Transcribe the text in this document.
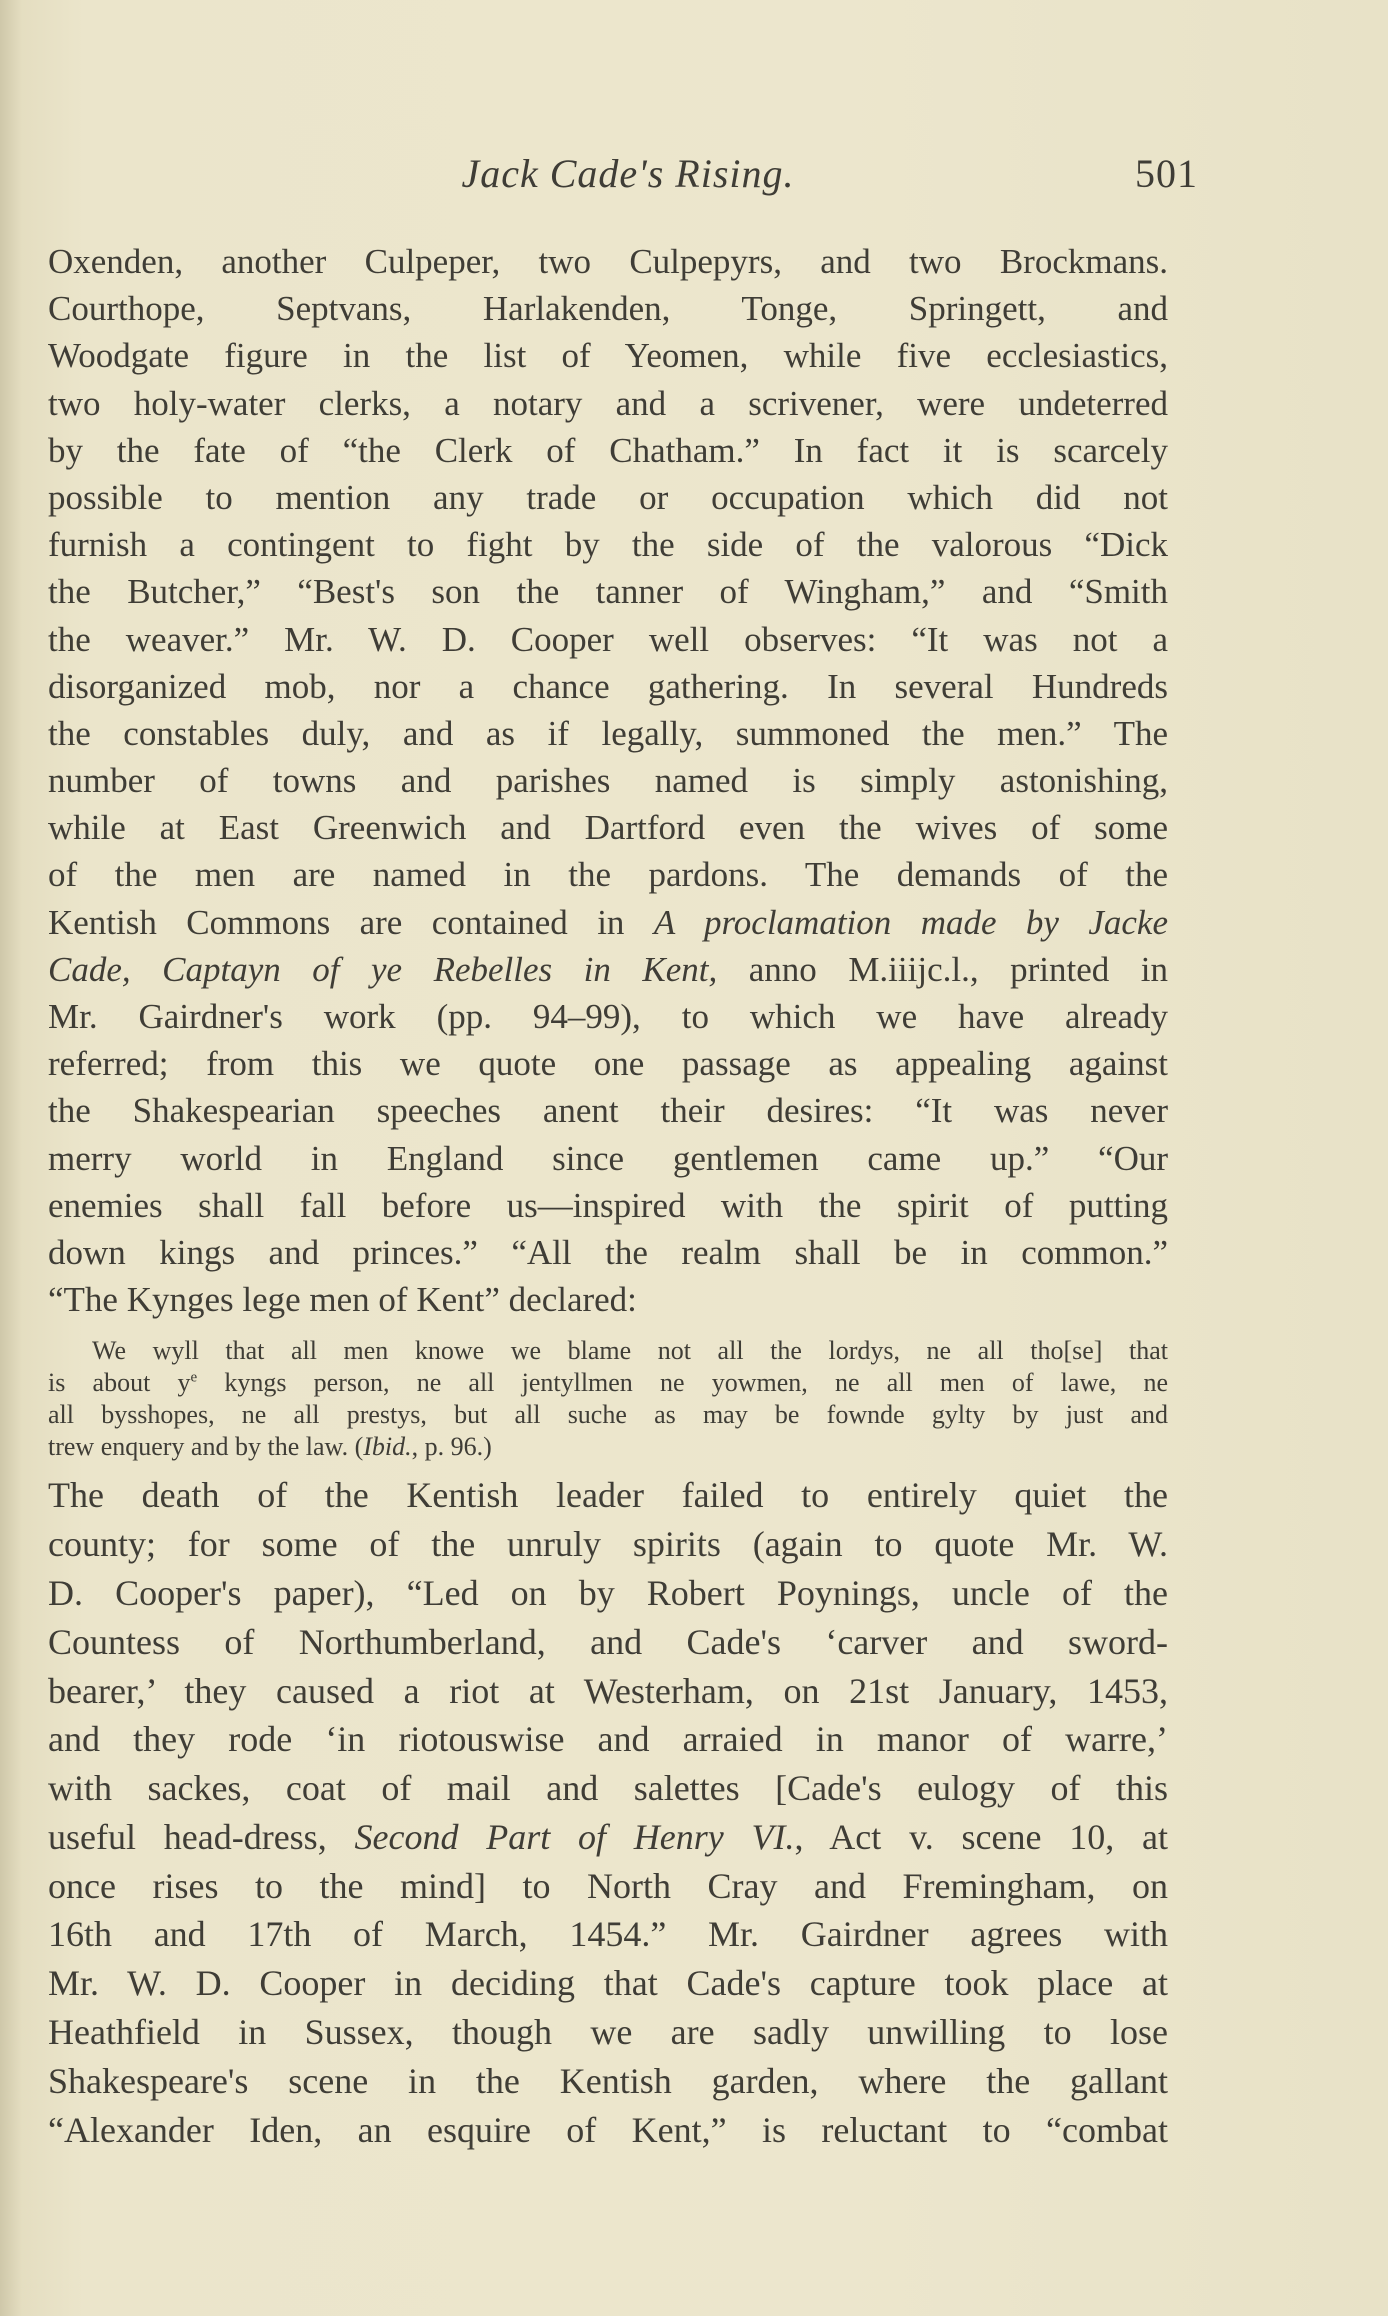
Jack Cade's Rising.	501
Oxenden, another Culpeper, two Culpepyrs, and two Brockmans.
Courthope, Septvans, Harlakenden, Tonge, Springett, and
Woodgate figure in the list of Yeomen, while five ecclesiastics,
two holy-water clerks, a notary and a scrivener, were undeterred
by the fate of “the Clerk of Chatham.” In fact it is scarcely
possible to mention any trade or occupation which did not
furnish a contingent to fight by the side of the valorous “Dick
the Butcher,” “Best's son the tanner of Wingham,” and “Smith
the weaver.” Mr. W. D. Cooper well observes: “It was not a
disorganized mob, nor a chance gathering. In several Hundreds
the constables duly, and as if legally, summoned the men.” The
number of towns and parishes named is simply astonishing,
while at East Greenwich and Dartford even the wives of some
of the men are named in the pardons. The demands of the
Kentish Commons are contained in A proclamation made by Jacke
Cade, Captayn of ye Rebelles in Kent, anno M.iiijc.l., printed in
Mr. Gairdner's work (pp. 94–99), to which we have already
referred; from this we quote one passage as appealing against
the Shakespearian speeches anent their desires: “It was never
merry world in England since gentlemen came up.” “Our
enemies shall fall before us—inspired with the spirit of putting
down kings and princes.” “All the realm shall be in common.”
“The Kynges lege men of Kent” declared:
We wyll that all men knowe we blame not all the lordys, ne all tho[se] that
is about $y^e$ kyngs person, ne all jentyllmen ne yowmen, ne all men of lawe, ne
all bysshopes, ne all prestys, but all suche as may be fownde gylty by just and
trew enquery and by the law. (Ibid., p. 96.)
The death of the Kentish leader failed to entirely quiet the
county; for some of the unruly spirits (again to quote Mr. W.
D. Cooper's paper), “Led on by Robert Poynings, uncle of the
Countess of Northumberland, and Cade's ‘carver and sword-
bearer,’ they caused a riot at Westerham, on 21st January, 1453,
and they rode ‘in riotouswise and arraied in manor of warre,’
with sackes, coat of mail and salettes [Cade's eulogy of this
useful head-dress, Second Part of Henry VI., Act v. scene 10, at
once rises to the mind] to North Cray and Fremingham, on
16th and 17th of March, 1454.” Mr. Gairdner agrees with
Mr. W. D. Cooper in deciding that Cade's capture took place at
Heathfield in Sussex, though we are sadly unwilling to lose
Shakespeare's scene in the Kentish garden, where the gallant
“Alexander Iden, an esquire of Kent,” is reluctant to “combat
